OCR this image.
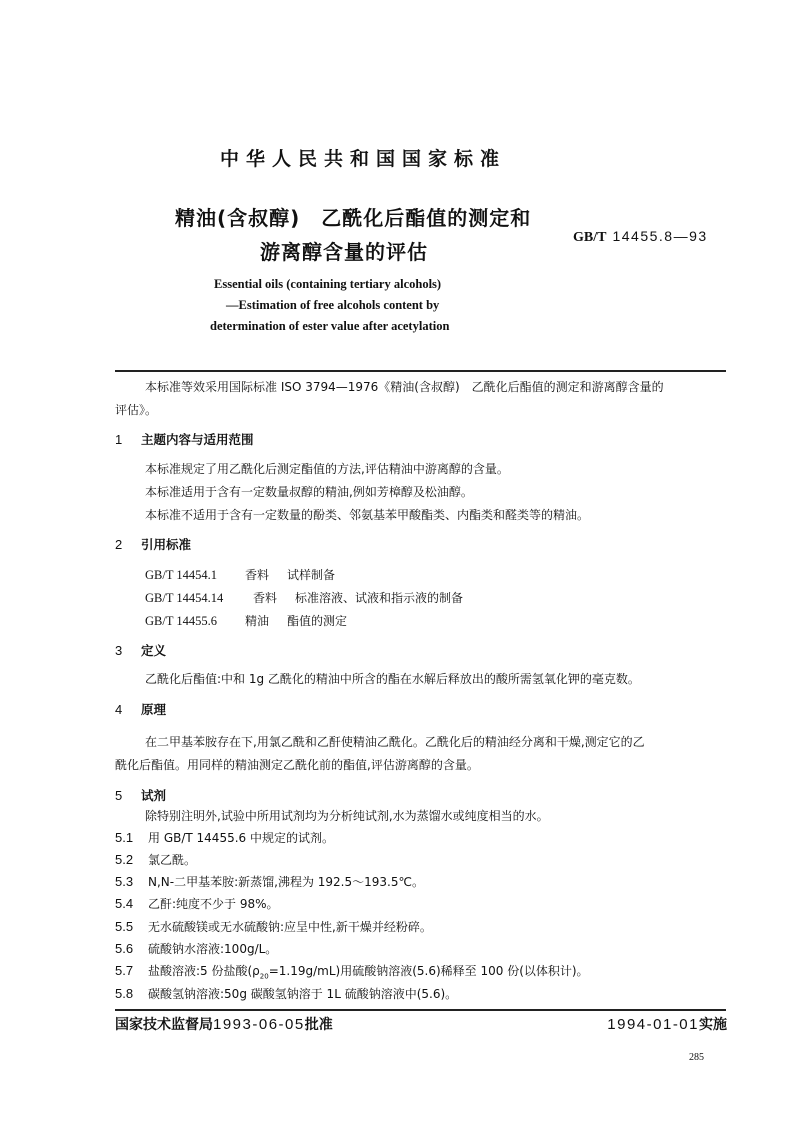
中华人民共和国国家标准
精油(含叔醇)　乙酰化后酯值的测定和
游离醇含量的评估
GB/T 14455.8—93
Essential oils (containing tertiary alcohols)
—Estimation of free alcohols content by
determination of ester value after acetylation
本标准等效采用国际标准 ISO 3794—1976《精油(含叔醇)　乙酰化后酯值的测定和游离醇含量的
评估》。
1 主题内容与适用范围
本标准规定了用乙酰化后测定酯值的方法,评估精油中游离醇的含量。
本标准适用于含有一定数量叔醇的精油,例如芳樟醇及松油醇。
本标准不适用于含有一定数量的酚类、邻氨基苯甲酸酯类、内酯类和醛类等的精油。
2 引用标准
GB/T 14454.1 香料 试样制备
GB/T 14454.14 香料 标准溶液、试液和指示液的制备
GB/T 14455.6 精油 酯值的测定
3 定义
乙酰化后酯值:中和 1g 乙酰化的精油中所含的酯在水解后释放出的酸所需氢氧化钾的毫克数。
4 原理
在二甲基苯胺存在下,用氯乙酰和乙酐使精油乙酰化。乙酰化后的精油经分离和干燥,测定它的乙
酰化后酯值。用同样的精油测定乙酰化前的酯值,评估游离醇的含量。
5 试剂
除特别注明外,试验中所用试剂均为分析纯试剂,水为蒸馏水或纯度相当的水。
5.1 用 GB/T 14455.6 中规定的试剂。
5.2 氯乙酰。
5.3 N,N-二甲基苯胺:新蒸馏,沸程为 192.5～193.5℃。
5.4 乙酐:纯度不少于 98%。
5.5 无水硫酸镁或无水硫酸钠:应呈中性,新干燥并经粉碎。
5.6 硫酸钠水溶液:100g/L。
5.7 盐酸溶液:5 份盐酸$(\rho_{20}=1.19g/mL)$用硫酸钠溶液(5.6)稀释至 100 份(以体积计)。
5.8 碳酸氢钠溶液:50g 碳酸氢钠溶于 1L 硫酸钠溶液中(5.6)。
国家技术监督局1993-06-05批准	1994-01-01实施
285
